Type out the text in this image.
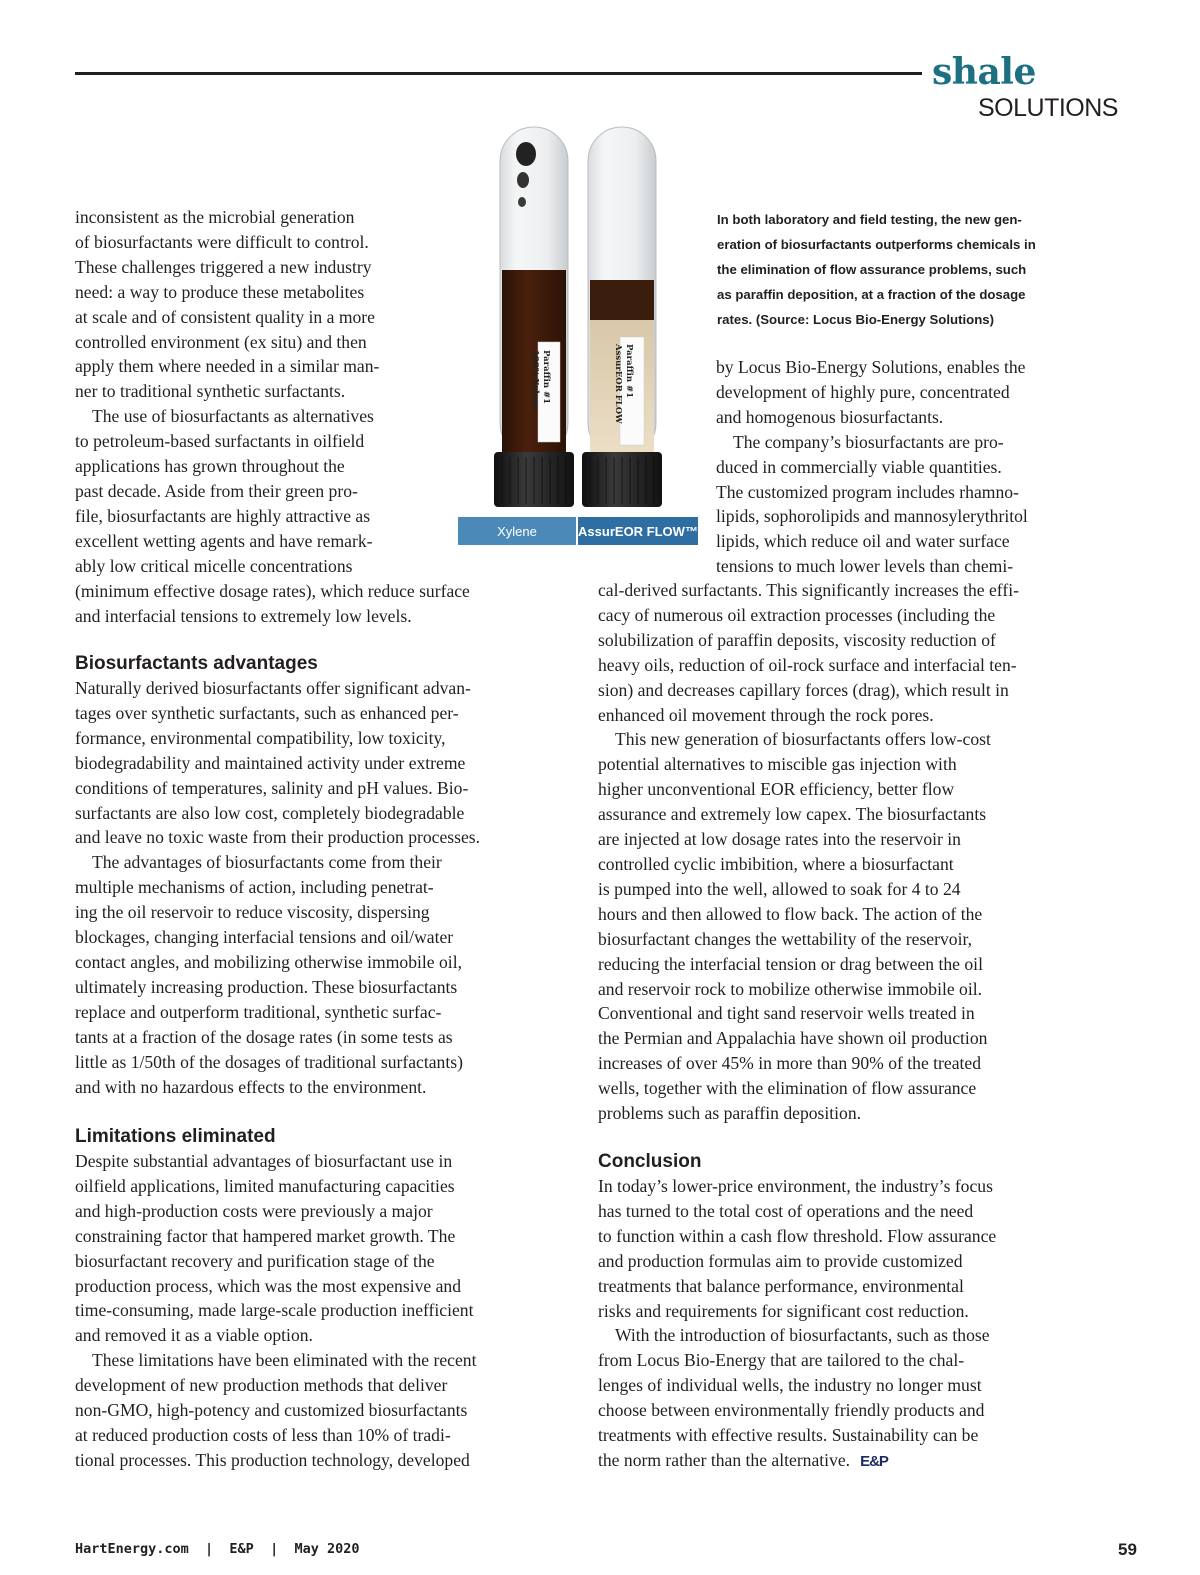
shale
SOLUTIONS

inconsistent as the microbial generation
of biosurfactants were difficult to control.
These challenges triggered a new industry
need: a way to produce these metabolites
at scale and of consistent quality in a more
controlled environment (ex situ) and then
apply them where needed in a similar man-
ner to traditional synthetic surfactants.

The use of biosurfactants as alternatives
to petroleum-based surfactants in oilfield
applications has grown throughout the
past decade. Aside from their green pro-
file, biosurfactants are highly attractive as
excellent wetting agents and have remark-
ably low critical micelle concentrations
(minimum effective dosage rates), which reduce surface
and interfacial tensions to extremely low levels.

Biosurfactants advantages

Naturally derived biosurfactants offer significant advan-
tages over synthetic surfactants, such as enhanced per-
formance, environmental compatibility, low toxicity,
biodegradability and maintained activity under extreme
conditions of temperatures, salinity and pH values. Bio-
surfactants are also low cost, completely biodegradable
and leave no toxic waste from their production processes.

The advantages of biosurfactants come from their
multiple mechanisms of action, including penetrat-
ing the oil reservoir to reduce viscosity, dispersing
blockages, changing interfacial tensions and oil/water
contact angles, and mobilizing otherwise immobile oil,
ultimately increasing production. These biosurfactants
replace and outperform traditional, synthetic surfac-
tants at a fraction of the dosage rates (in some tests as
little as 1/50th of the dosages of traditional surfactants)
and with no hazardous effects to the environment.

Limitations eliminated

Despite substantial advantages of biosurfactant use in
oilfield applications, limited manufacturing capacities
and high-production costs were previously a major
constraining factor that hampered market growth. The
biosurfactant recovery and purification stage of the
production process, which was the most expensive and
time-consuming, made large-scale production inefficient
and removed it as a viable option.

These limitations have been eliminated with the recent
development of new production methods that deliver
non-GMO, high-potency and customized biosurfactants
at reduced production costs of less than 10% of tradi-
tional processes. This production technology, developed

Paraffin #1100% Xylene	Paraffin #1AssurEOR FLOW
Xylene	AssurEOR FLOW™
In both laboratory and field testing, the new gen-
eration of biosurfactants outperforms chemicals in
the elimination of flow assurance problems, such
as paraffin deposition, at a fraction of the dosage
rates. (Source: Locus Bio-Energy Solutions)

by Locus Bio-Energy Solutions, enables the
development of highly pure, concentrated
and homogenous biosurfactants.

The company’s biosurfactants are pro-
duced in commercially viable quantities.
The customized program includes rhamno-
lipids, sophorolipids and mannosylerythritol
lipids, which reduce oil and water surface
tensions to much lower levels than chemi-

cal-derived surfactants. This significantly increases the effi-
cacy of numerous oil extraction processes (including the
solubilization of paraffin deposits, viscosity reduction of
heavy oils, reduction of oil-rock surface and interfacial ten-
sion) and decreases capillary forces (drag), which result in
enhanced oil movement through the rock pores.

This new generation of biosurfactants offers low-cost
potential alternatives to miscible gas injection with
higher unconventional EOR efficiency, better flow
assurance and extremely low capex. The biosurfactants
are injected at low dosage rates into the reservoir in
controlled cyclic imbibition, where a biosurfactant
is pumped into the well, allowed to soak for 4 to 24
hours and then allowed to flow back. The action of the
biosurfactant changes the wettability of the reservoir,
reducing the interfacial tension or drag between the oil
and reservoir rock to mobilize otherwise immobile oil.
Conventional and tight sand reservoir wells treated in
the Permian and Appalachia have shown oil production
increases of over 45% in more than 90% of the treated
wells, together with the elimination of flow assurance
problems such as paraffin deposition.

Conclusion

In today’s lower-price environment, the industry’s focus
has turned to the total cost of operations and the need
to function within a cash flow threshold. Flow assurance
and production formulas aim to provide customized
treatments that balance performance, environmental
risks and requirements for significant cost reduction.

With the introduction of biosurfactants, such as those
from Locus Bio-Energy that are tailored to the chal-
lenges of individual wells, the industry no longer must
choose between environmentally friendly products and
treatments with effective results. Sustainability can be
the norm rather than the alternative. E&P

HartEnergy.com  |  E&P  |  May 2020	59
